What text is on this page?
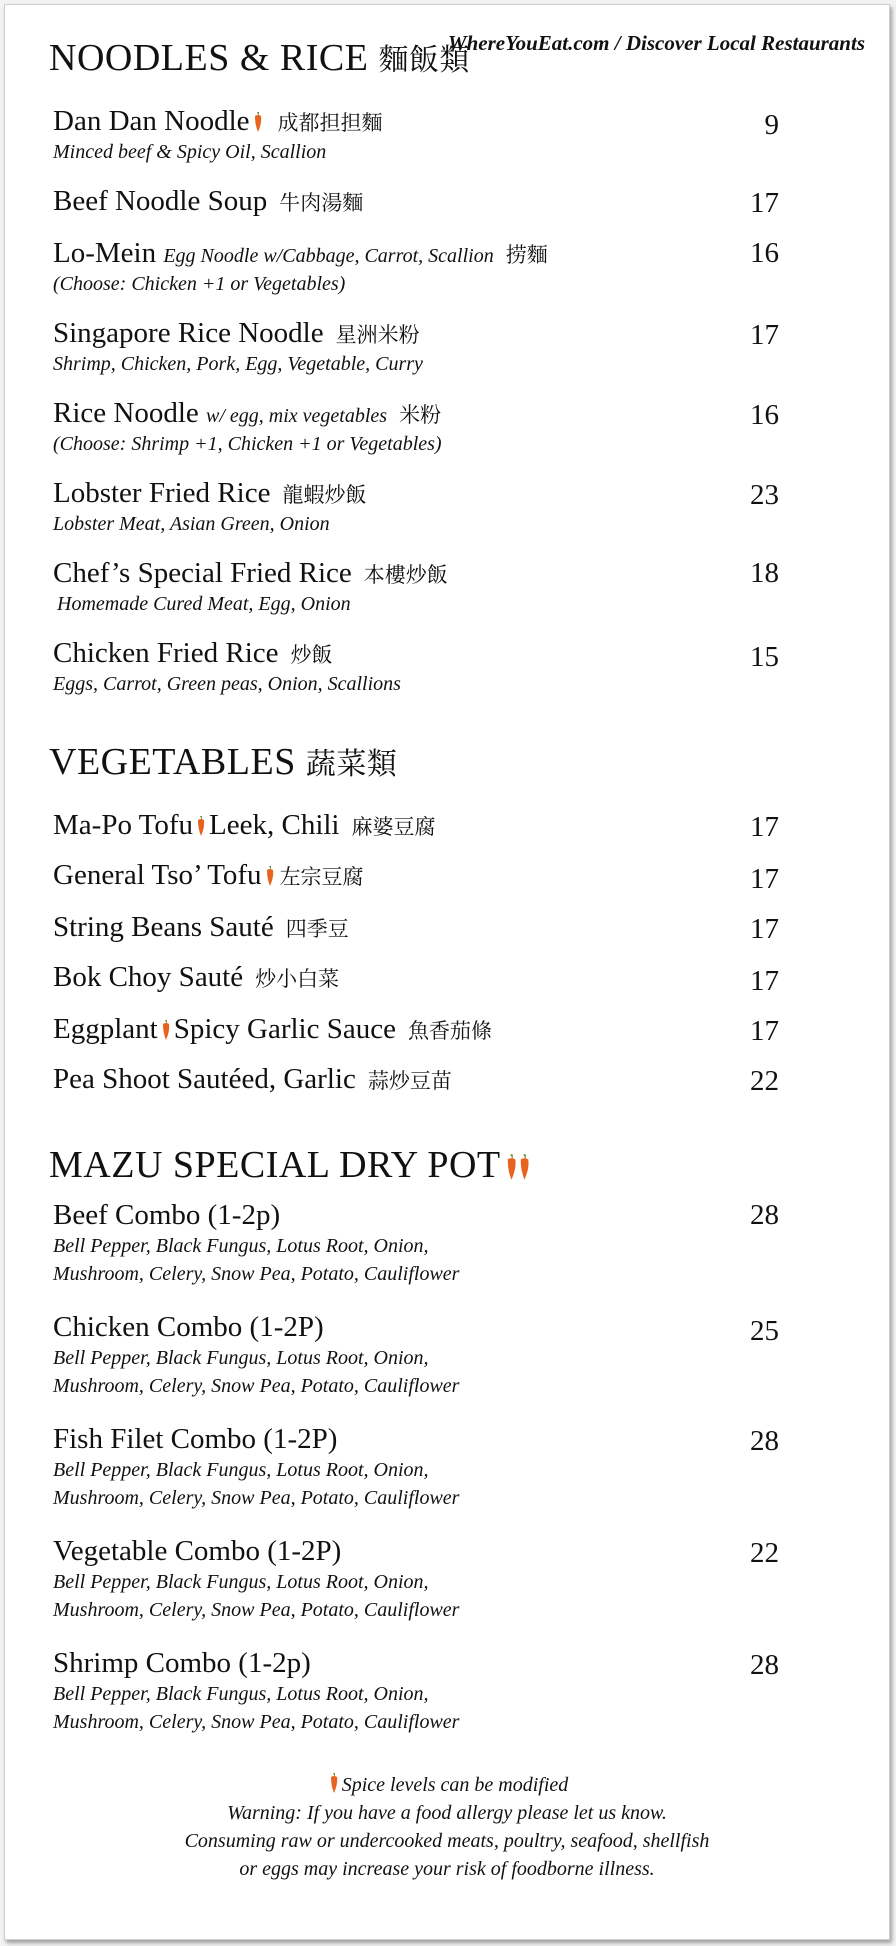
WhereYouEat.com / Discover Local Restaurants
NOODLES & RICE 麵飯類
Dan Dan Noodle 成都担担麵
Minced beef & Spicy Oil, Scallion
9
Beef Noodle Soup 牛肉湯麵	17
Lo-Mein Egg Noodle w/Cabbage, Carrot, Scallion 捞麵
(Choose: Chicken +1 or Vegetables)
16
Singapore Rice Noodle 星洲米粉
Shrimp, Chicken, Pork, Egg, Vegetable, Curry
17
Rice Noodle w/ egg, mix vegetables 米粉
(Choose: Shrimp +1, Chicken +1 or Vegetables)
16
Lobster Fried Rice 龍蝦炒飯
Lobster Meat, Asian Green, Onion
23
Chef’s Special Fried Rice 本樓炒飯
Homemade Cured Meat, Egg, Onion
18
Chicken Fried Rice 炒飯
Eggs, Carrot, Green peas, Onion, Scallions
15
VEGETABLES 蔬菜類
Ma-Po Tofu Leek, Chili 麻婆豆腐	17
General Tso’ Tofu 左宗豆腐	17
String Beans Sauté 四季豆	17
Bok Choy Sauté 炒小白菜	17
Eggplant Spicy Garlic Sauce 魚香茄條	17
Pea Shoot Sautéed, Garlic 蒜炒豆苗	22
MAZU SPECIAL DRY POT
Beef Combo (1-2p)
Bell Pepper, Black Fungus, Lotus Root, Onion,
Mushroom, Celery, Snow Pea, Potato, Cauliflower
28
Chicken Combo (1-2P)
Bell Pepper, Black Fungus, Lotus Root, Onion,
Mushroom, Celery, Snow Pea, Potato, Cauliflower
25
Fish Filet Combo (1-2P)
Bell Pepper, Black Fungus, Lotus Root, Onion,
Mushroom, Celery, Snow Pea, Potato, Cauliflower
28
Vegetable Combo (1-2P)
Bell Pepper, Black Fungus, Lotus Root, Onion,
Mushroom, Celery, Snow Pea, Potato, Cauliflower
22
Shrimp Combo (1-2p)
Bell Pepper, Black Fungus, Lotus Root, Onion,
Mushroom, Celery, Snow Pea, Potato, Cauliflower
28
Spice levels can be modified
Warning: If you have a food allergy please let us know.
Consuming raw or undercooked meats, poultry, seafood, shellfish
or eggs may increase your risk of foodborne illness.
